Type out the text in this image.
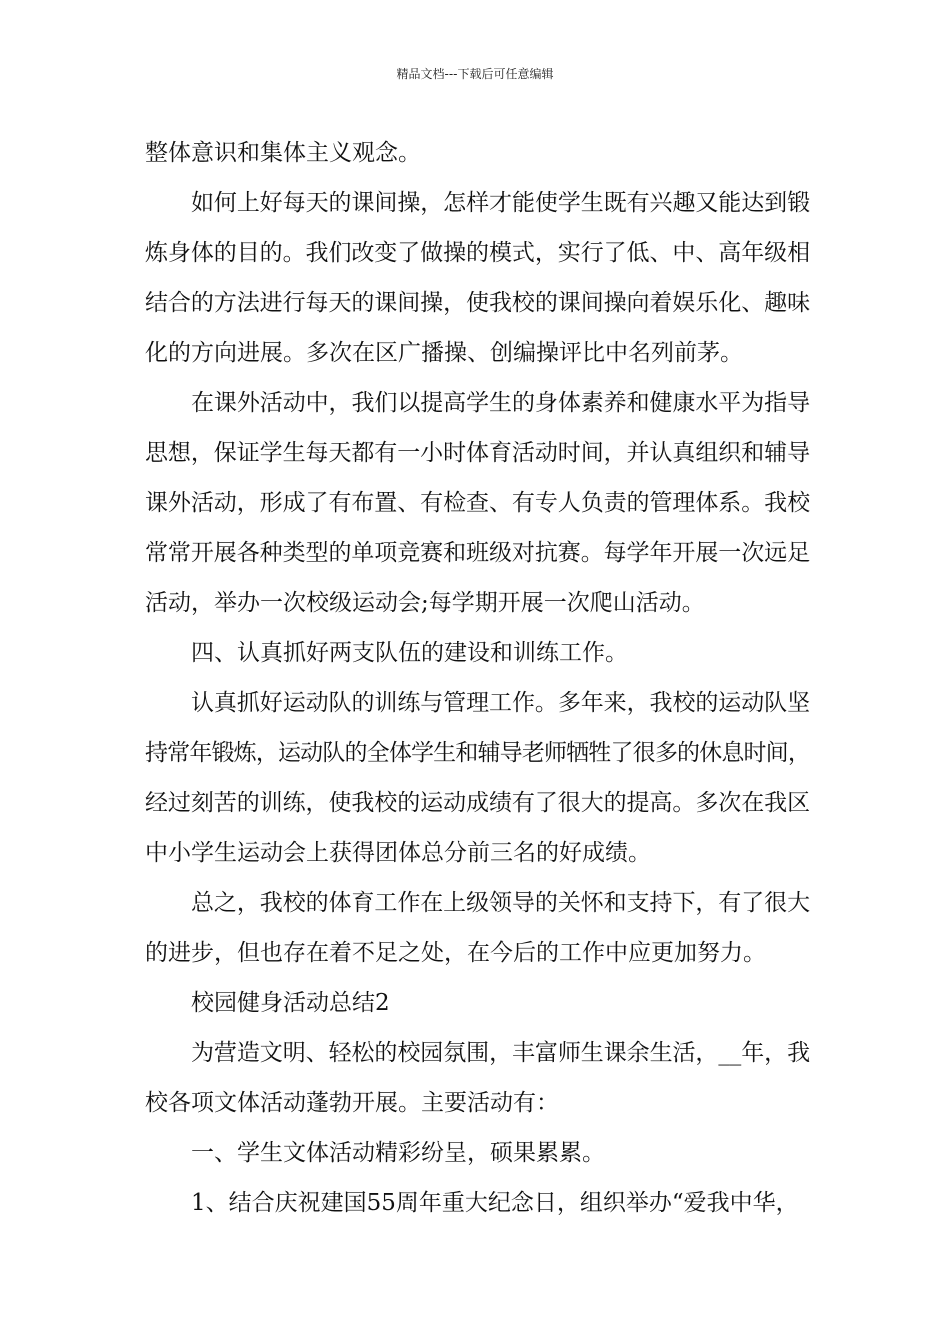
精品文档---下载后可任意编辑
整体意识和集体主义观念。
如何上好每天的课间操，怎样才能使学生既有兴趣又能达到锻
炼身体的目的。我们改变了做操的模式，实行了低、中、高年级相
结合的方法进行每天的课间操，使我校的课间操向着娱乐化、趣味
化的方向进展。多次在区广播操、创编操评比中名列前茅。
在课外活动中，我们以提高学生的身体素养和健康水平为指导
思想，保证学生每天都有一小时体育活动时间，并认真组织和辅导
课外活动，形成了有布置、有检查、有专人负责的管理体系。我校
常常开展各种类型的单项竞赛和班级对抗赛。每学年开展一次远足
活动，举办一次校级运动会;每学期开展一次爬山活动。
四、认真抓好两支队伍的建设和训练工作。
认真抓好运动队的训练与管理工作。多年来，我校的运动队坚
持常年锻炼，运动队的全体学生和辅导老师牺牲了很多的休息时间，
经过刻苦的训练，使我校的运动成绩有了很大的提高。多次在我区
中小学生运动会上获得团体总分前三名的好成绩。
总之，我校的体育工作在上级领导的关怀和支持下，有了很大
的进步，但也存在着不足之处，在今后的工作中应更加努力。
校园健身活动总结2
为营造文明、轻松的校园氛围，丰富师生课余生活，__年，我
校各项文体活动蓬勃开展。主要活动有：
一、学生文体活动精彩纷呈，硕果累累。
1、结合庆祝建国55周年重大纪念日，组织举办“爱我中华，
